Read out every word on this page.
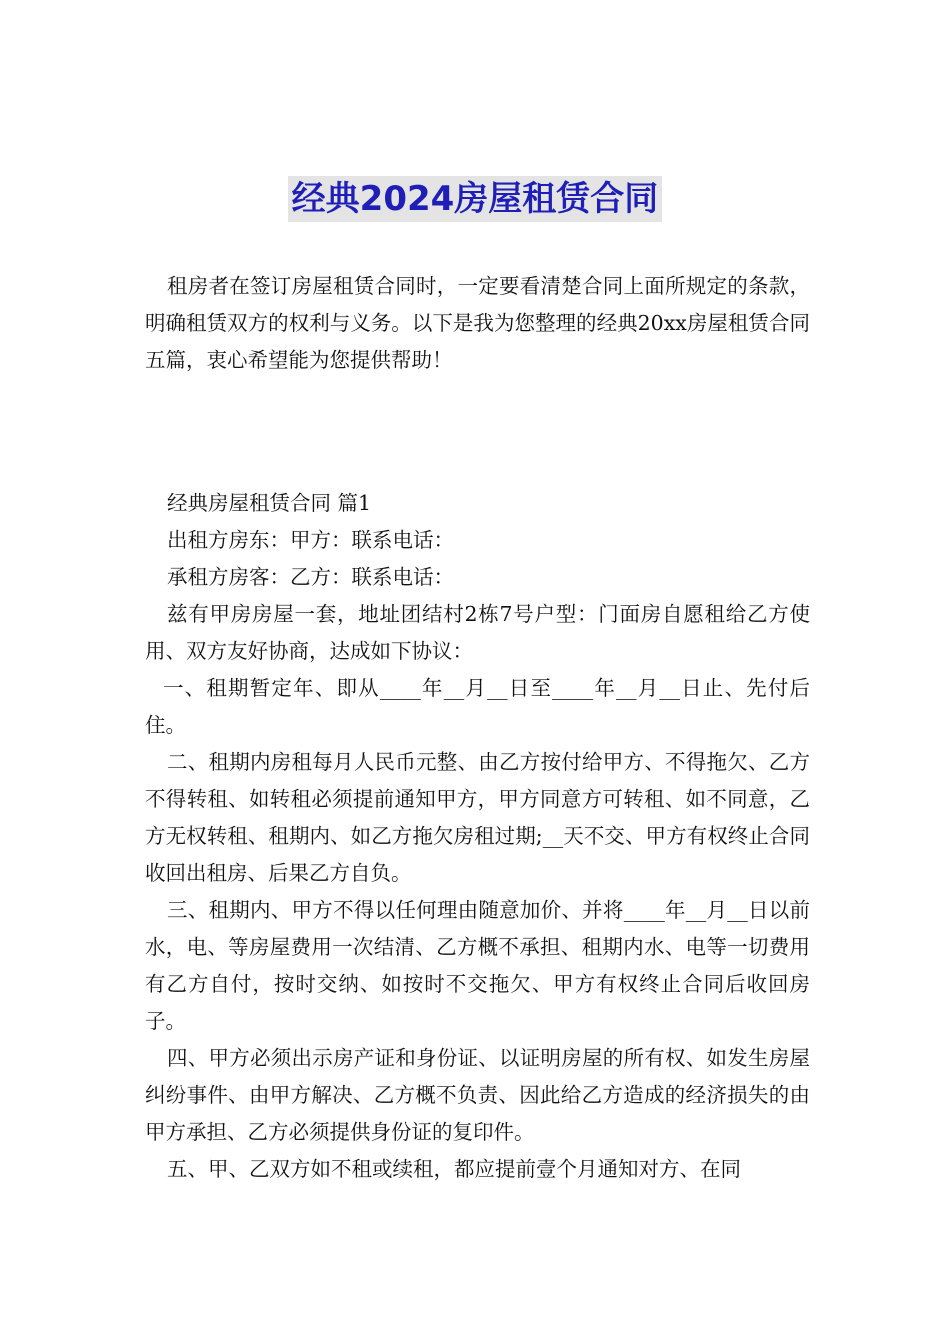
经典2024房屋租赁合同

租房者在签订房屋租赁合同时，一定要看清楚合同上面所规定的条款，明确租赁双方的权利与义务。以下是我为您整理的经典20xx房屋租赁合同五篇，衷心希望能为您提供帮助！

经典房屋租赁合同 篇1

出租方房东：甲方：联系电话：

承租方房客：乙方：联系电话：

兹有甲房房屋一套，地址团结村2栋7号户型：门面房自愿租给乙方使用、双方友好协商，达成如下协议：

一、租期暂定年、即从____年__月__日至____年__月__日止、先付后住。

二、租期内房租每月人民币元整、由乙方按付给甲方、不得拖欠、乙方不得转租、如转租必须提前通知甲方，甲方同意方可转租、如不同意，乙方无权转租、租期内、如乙方拖欠房租过期;__天不交、甲方有权终止合同收回出租房、后果乙方自负。

三、租期内、甲方不得以任何理由随意加价、并将____年__月__日以前水，电、等房屋费用一次结清、乙方概不承担、租期内水、电等一切费用有乙方自付，按时交纳、如按时不交拖欠、甲方有权终止合同后收回房子。

四、甲方必须出示房产证和身份证、以证明房屋的所有权、如发生房屋纠纷事件、由甲方解决、乙方概不负责、因此给乙方造成的经济损失的由甲方承担、乙方必须提供身份证的复印件。

五、甲、乙双方如不租或续租，都应提前壹个月通知对方、在同
